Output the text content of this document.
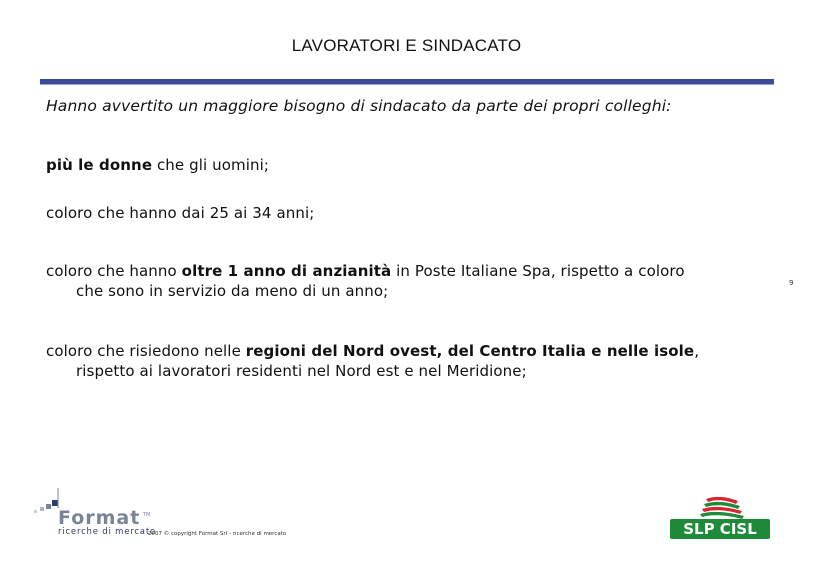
LAVORATORI E SINDACATO
Hanno avvertito un maggiore bisogno di sindacato da parte dei propri colleghi:
più le donne che gli uomini;
coloro che hanno dai 25 ai 34 anni;
coloro che hanno oltre 1 anno di anzianità in Poste Italiane Spa, rispetto a coloro
che sono in servizio da meno di un anno;
coloro che risiedono nelle regioni del Nord ovest, del Centro Italia e nelle isole,
rispetto ai lavoratori residenti nel Nord est e nel Meridione;
9
Format TM
ricerche di mercato
2007 © copyright Format Srl - ricerche di mercato	SLP CISL
